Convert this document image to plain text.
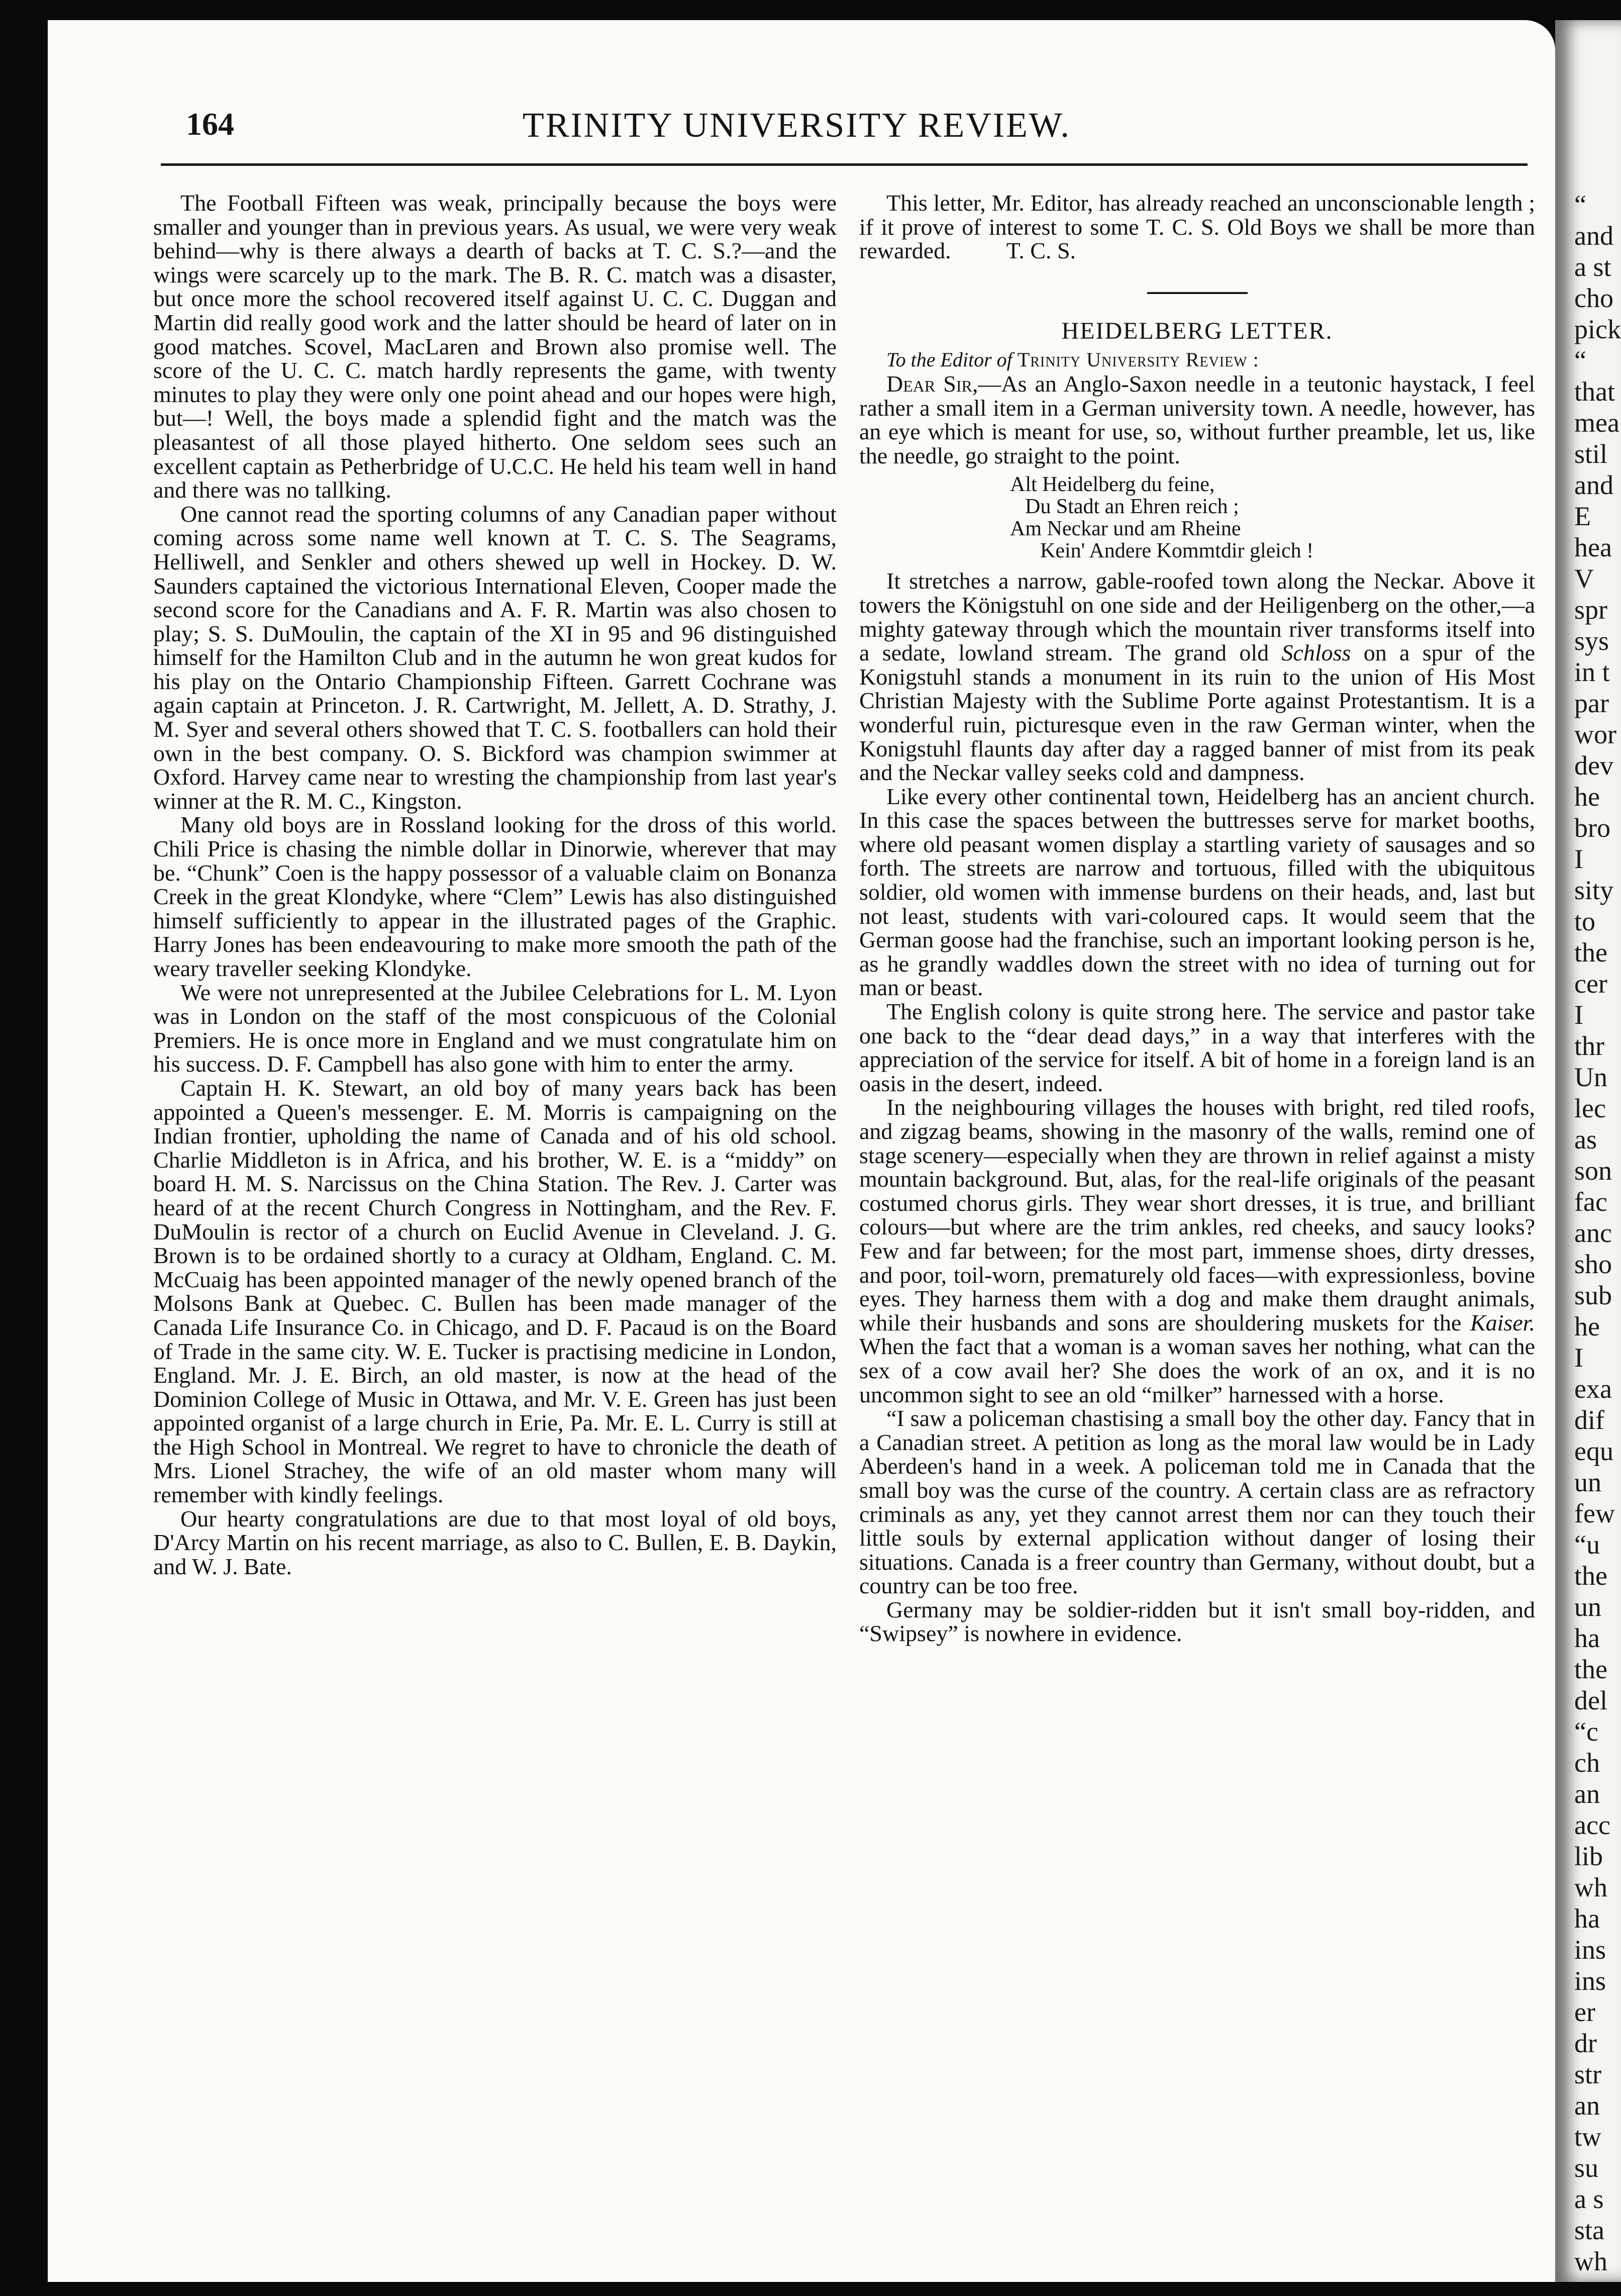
“
and
a st
cho
pick
“
that
mea
stil
and
E
hea
V
spr
sys
in t
par
wor
dev
he
bro
I
sity
to
the
cer
I
thr
Un
lec
as
son
fac
anc
sho
sub
he
I
exa
dif
equ
un
few
“u
the
un
ha
the
del
“c
ch
an
acc
lib
wh
ha
ins
ins
er
dr
str
an
tw
su
a s
sta
wh
164	TRINITY UNIVERSITY REVIEW.

The Football Fifteen was weak, principally because the boys were smaller and younger than in previous years. As usual, we were very weak behind—why is there always a dearth of backs at T. C. S.?—and the wings were scarcely up to the mark. The B. R. C. match was a disaster, but once more the school recovered itself against U. C. C. Duggan and Martin did really good work and the latter should be heard of later on in good matches. Scovel, MacLaren and Brown also promise well. The score of the U. C. C. match hardly represents the game, with twenty minutes to play they were only one point ahead and our hopes were high, but—! Well, the boys made a splendid fight and the match was the pleasantest of all those played hitherto. One seldom sees such an excellent captain as Petherbridge of U.C.C. He held his team well in hand and there was no tallking.

One cannot read the sporting columns of any Canadian paper without coming across some name well known at T. C. S. The Seagrams, Helliwell, and Senkler and others shewed up well in Hockey. D. W. Saunders captained the victorious International Eleven, Cooper made the second score for the Canadians and A. F. R. Martin was also chosen to play; S. S. DuMoulin, the captain of the XI in 95 and 96 distinguished himself for the Hamilton Club and in the autumn he won great kudos for his play on the Ontario Championship Fifteen. Garrett Cochrane was again captain at Princeton. J. R. Cartwright, M. Jellett, A. D. Strathy, J. M. Syer and several others showed that T. C. S. footballers can hold their own in the best company. O. S. Bickford was champion swimmer at Oxford. Harvey came near to wresting the championship from last year's winner at the R. M. C., Kingston.

Many old boys are in Rossland looking for the dross of this world. Chili Price is chasing the nimble dollar in Dinorwie, wherever that may be. “Chunk” Coen is the happy possessor of a valuable claim on Bonanza Creek in the great Klondyke, where “Clem” Lewis has also distinguished himself sufficiently to appear in the illustrated pages of the Graphic. Harry Jones has been endeavouring to make more smooth the path of the weary traveller seeking Klondyke.

We were not unrepresented at the Jubilee Celebrations for L. M. Lyon was in London on the staff of the most conspicuous of the Colonial Premiers. He is once more in England and we must congratulate him on his success. D. F. Campbell has also gone with him to enter the army.

Captain H. K. Stewart, an old boy of many years back has been appointed a Queen's messenger. E. M. Morris is campaigning on the Indian frontier, upholding the name of Canada and of his old school. Charlie Middleton is in Africa, and his brother, W. E. is a “middy” on board H. M. S. Narcissus on the China Station. The Rev. J. Carter was heard of at the recent Church Congress in Nottingham, and the Rev. F. DuMoulin is rector of a church on Euclid Avenue in Cleveland. J. G. Brown is to be ordained shortly to a curacy at Oldham, England. C. M. McCuaig has been appointed manager of the newly opened branch of the Molsons Bank at Quebec. C. Bullen has been made manager of the Canada Life Insurance Co. in Chicago, and D. F. Pacaud is on the Board of Trade in the same city. W. E. Tucker is practising medicine in London, England. Mr. J. E. Birch, an old master, is now at the head of the Dominion College of Music in Ottawa, and Mr. V. E. Green has just been appointed organist of a large church in Erie, Pa. Mr. E. L. Curry is still at the High School in Montreal. We regret to have to chronicle the death of Mrs. Lionel Strachey, the wife of an old master whom many will remember with kindly feelings.

Our hearty congratulations are due to that most loyal of old boys, D'Arcy Martin on his recent marriage, as also to C. Bullen, E. B. Daykin, and W. J. Bate.

This letter, Mr. Editor, has already reached an unconscionable length ; if it prove of interest to some T. C. S. Old Boys we shall be more than rewarded. T. C. S.

HEIDELBERG LETTER.

To the Editor of Trinity University Review :

Dear Sir,—As an Anglo-Saxon needle in a teutonic haystack, I feel rather a small item in a German university town. A needle, however, has an eye which is meant for use, so, without further preamble, let us, like the needle, go straight to the point.

Alt Heidelberg du feine,
Du Stadt an Ehren reich ;
Am Neckar und am Rheine
Kein' Andere Kommtdir gleich !

It stretches a narrow, gable-roofed town along the Neckar. Above it towers the Königstuhl on one side and der Heiligenberg on the other,—a mighty gateway through which the mountain river transforms itself into a sedate, lowland stream. The grand old Schloss on a spur of the Konigstuhl stands a monument in its ruin to the union of His Most Christian Majesty with the Sublime Porte against Protestantism. It is a wonderful ruin, picturesque even in the raw German winter, when the Konigstuhl flaunts day after day a ragged banner of mist from its peak and the Neckar valley seeks cold and dampness.

Like every other continental town, Heidelberg has an ancient church. In this case the spaces between the buttresses serve for market booths, where old peasant women display a startling variety of sausages and so forth. The streets are narrow and tortuous, filled with the ubiquitous soldier, old women with immense burdens on their heads, and, last but not least, students with vari-coloured caps. It would seem that the German goose had the franchise, such an important looking person is he, as he grandly waddles down the street with no idea of turning out for man or beast.

The English colony is quite strong here. The service and pastor take one back to the “dear dead days,” in a way that interferes with the appreciation of the service for itself. A bit of home in a foreign land is an oasis in the desert, indeed.

In the neighbouring villages the houses with bright, red tiled roofs, and zigzag beams, showing in the masonry of the walls, remind one of stage scenery—especially when they are thrown in relief against a misty mountain background. But, alas, for the real-life originals of the peasant costumed chorus girls. They wear short dresses, it is true, and brilliant colours—but where are the trim ankles, red cheeks, and saucy looks? Few and far between; for the most part, immense shoes, dirty dresses, and poor, toil-worn, prematurely old faces—with expressionless, bovine eyes. They harness them with a dog and make them draught animals, while their husbands and sons are shouldering muskets for the Kaiser. When the fact that a woman is a woman saves her nothing, what can the sex of a cow avail her? She does the work of an ox, and it is no uncommon sight to see an old “milker” harnessed with a horse.

“I saw a policeman chastising a small boy the other day. Fancy that in a Canadian street. A petition as long as the moral law would be in Lady Aberdeen's hand in a week. A policeman told me in Canada that the small boy was the curse of the country. A certain class are as refractory criminals as any, yet they cannot arrest them nor can they touch their little souls by external application without danger of losing their situations. Canada is a freer country than Germany, without doubt, but a country can be too free.

Germany may be soldier-ridden but it isn't small boy-ridden, and “Swipsey” is nowhere in evidence.
